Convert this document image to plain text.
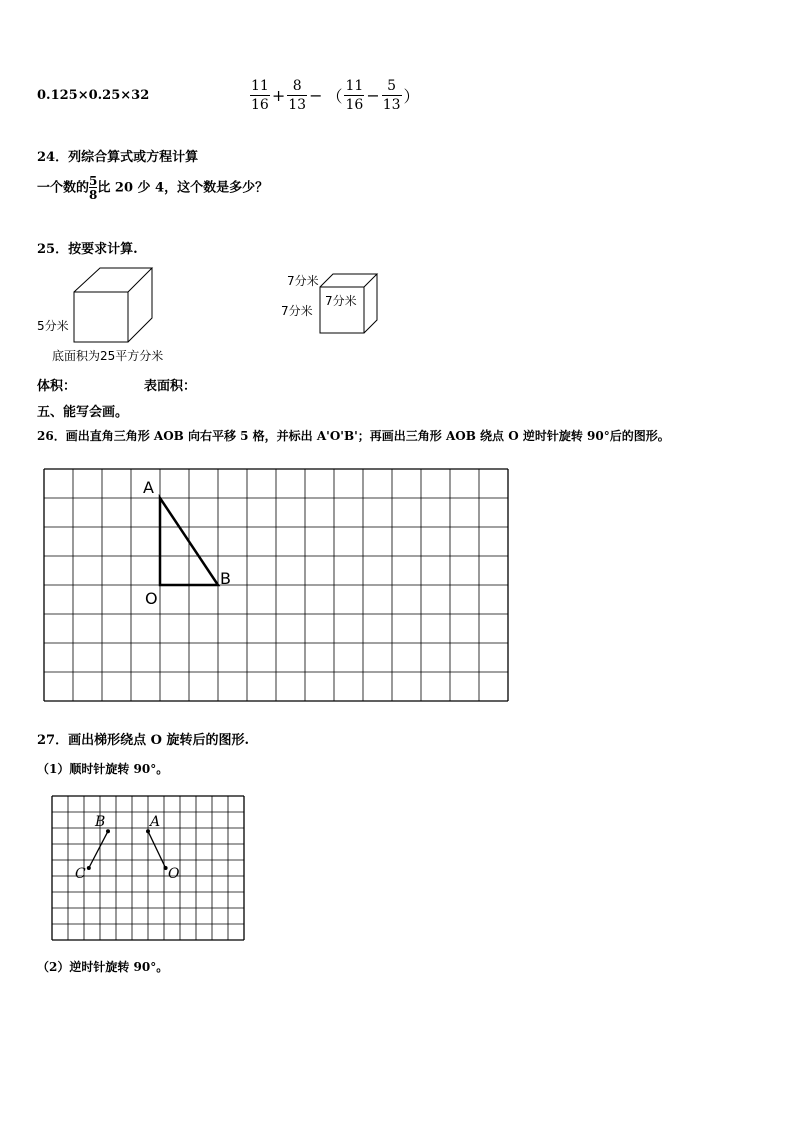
0.125×0.25×32	$\frac{11}{16} + \frac{8}{13}$ − （ $\frac{11}{16} - \frac{5}{13}$ ）
24．列综合算式或方程计算
一个数的 $\frac{5}{8}$ 比 20 少 4，这个数是多少？
25．按要求计算.
5分米
底面积为25平方分米
7分米
7分米
7分米
体积：	表面积：
五、能写会画。
26．画出直角三角形 AOB 向右平移 5 格，并标出 A'O'B'；再画出三角形 AOB 绕点 O 逆时针旋转 90°后的图形。
A
B
O
27．画出梯形绕点 O 旋转后的图形.
（1）顺时针旋转 90°。
B	A
C	O
（2）逆时针旋转 90°。
